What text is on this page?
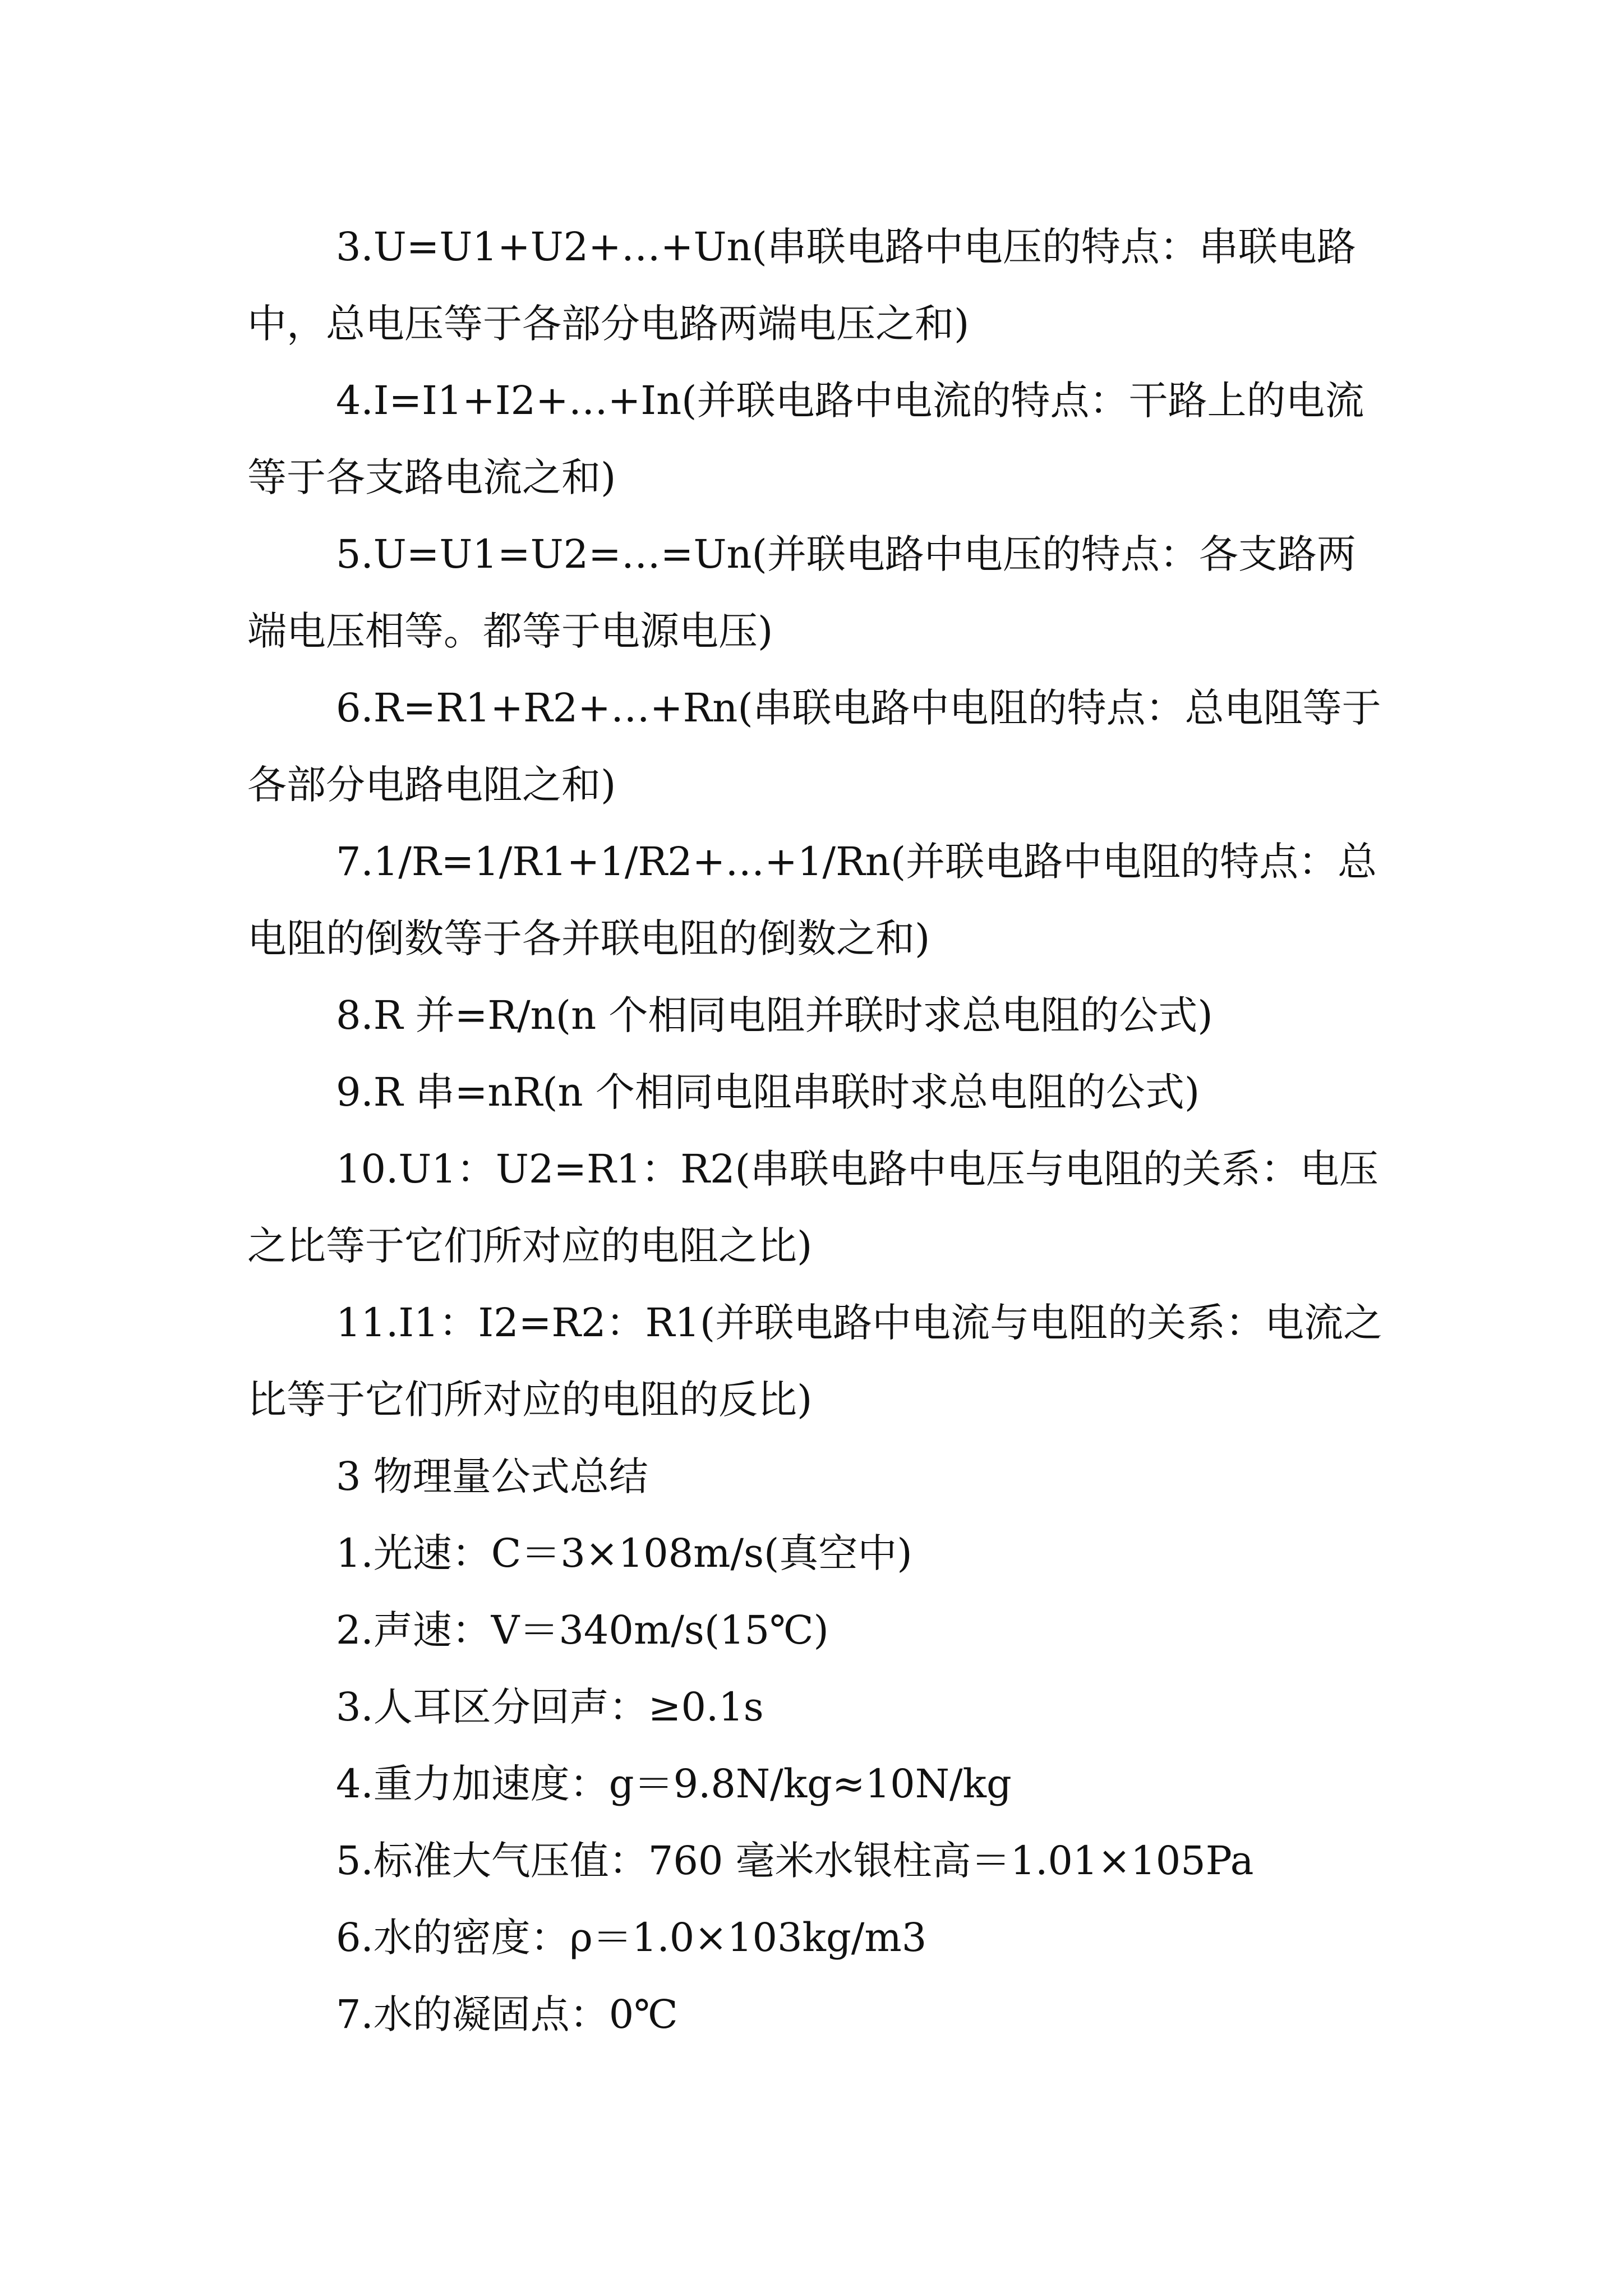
3.U=U1+U2+…+Un(串联电路中电压的特点：串联电路中，总电压等于各部分电路两端电压之和)

4.I=I1+I2+…+In(并联电路中电流的特点：干路上的电流等于各支路电流之和)

5.U=U1=U2=…=Un(并联电路中电压的特点：各支路两端电压相等。都等于电源电压)

6.R=R1+R2+…+Rn(串联电路中电阻的特点：总电阻等于各部分电路电阻之和)

7.1/R=1/R1+1/R2+…+1/Rn(并联电路中电阻的特点：总电阻的倒数等于各并联电阻的倒数之和)

8.R 并=R/n(n 个相同电阻并联时求总电阻的公式)

9.R 串=nR(n 个相同电阻串联时求总电阻的公式)

10.U1：U2=R1：R2(串联电路中电压与电阻的关系：电压之比等于它们所对应的电阻之比)

11.I1：I2=R2：R1(并联电路中电流与电阻的关系：电流之比等于它们所对应的电阻的反比)

3 物理量公式总结

1.光速：C＝3×108m/s(真空中)

2.声速：V＝340m/s(15℃)

3.人耳区分回声：≥0.1s

4.重力加速度：g＝9.8N/kg≈10N/kg

5.标准大气压值：760 毫米水银柱高＝1.01×105Pa

6.水的密度：ρ＝1.0×103kg/m3

7.水的凝固点：0℃
